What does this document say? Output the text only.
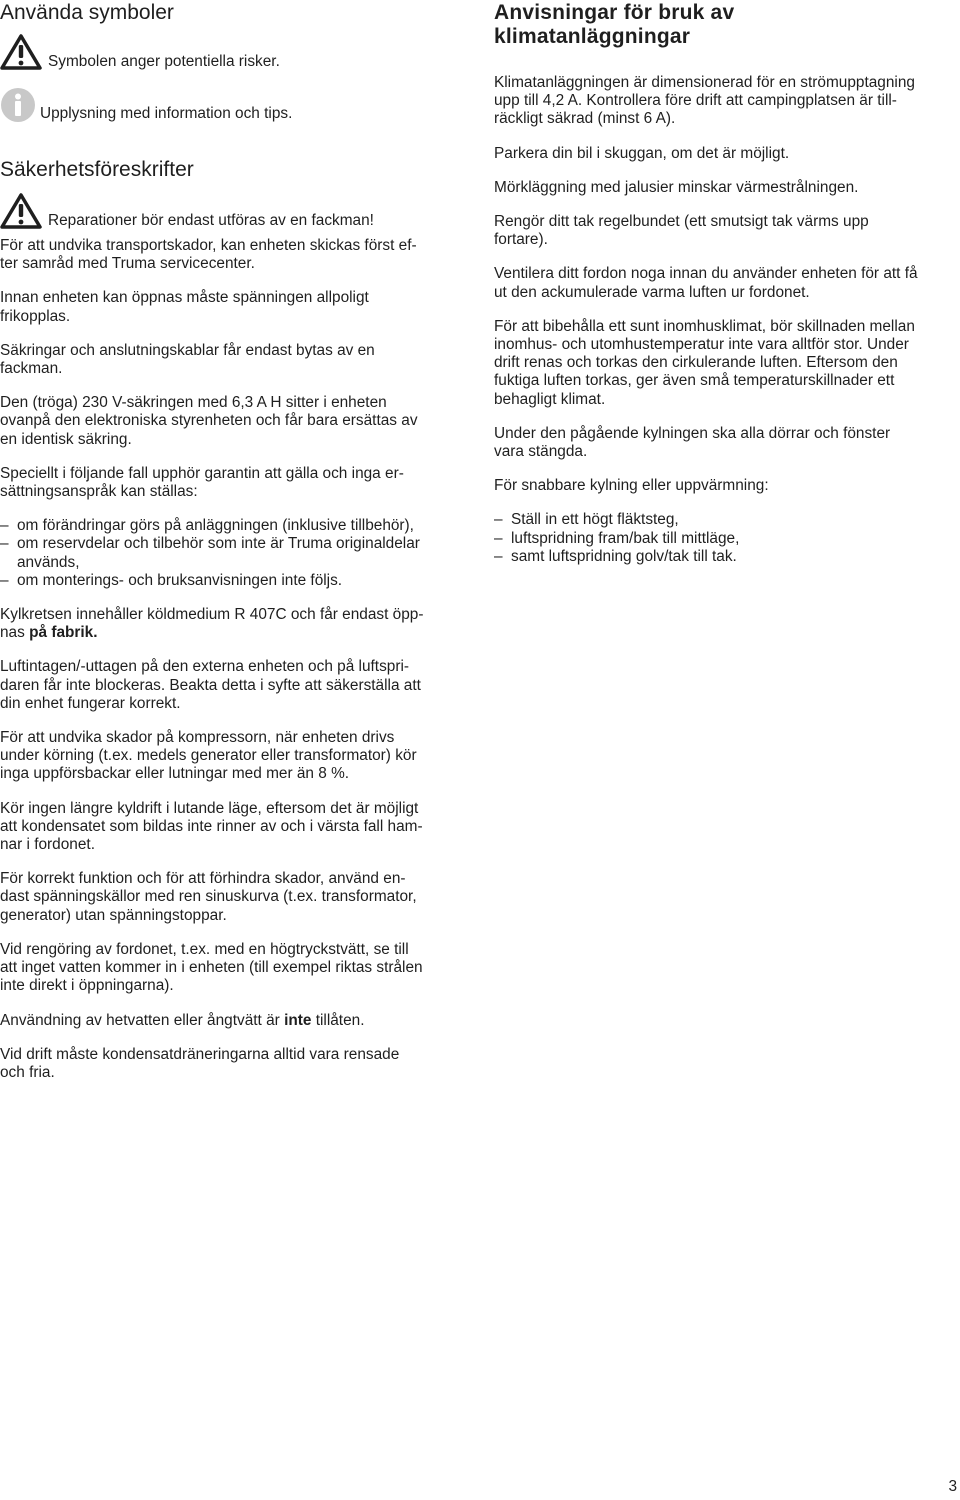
Använda symboler

Symbolen anger potentiella risker.

Upplysning med information och tips.

Säkerhetsföreskrifter

Reparationer bör endast utföras av en fackman!

För att undvika transportskador, kan enheten skickas först ef-
ter samråd med Truma servicecenter.

Innan enheten kan öppnas måste spänningen allpoligt
frikopplas.

Säkringar och anslutningskablar får endast bytas av en
fackman.

Den (tröga) 230 V-säkringen med 6,3 A H sitter i enheten
ovanpå den elektroniska styrenheten och får bara ersättas av
en identisk säkring.

Speciellt i följande fall upphör garantin att gälla och inga er-
sättningsanspråk kan ställas:

– om förändringar görs på anläggningen (inklusive tillbehör),
– om reservdelar och tilbehör som inte är Truma originaldelar
används,
– om monterings- och bruksanvisningen inte följs.

Kylkretsen innehåller köldmedium R 407C och får endast öpp-
nas på fabrik.

Luftintagen/-uttagen på den externa enheten och på luftspri-
daren får inte blockeras. Beakta detta i syfte att säkerställa att
din enhet fungerar korrekt.

För att undvika skador på kompressorn, när enheten drivs
under körning (t.ex. medels generator eller transformator) kör
inga uppförsbackar eller lutningar med mer än 8 %.

Kör ingen längre kyldrift i lutande läge, eftersom det är möjligt
att kondensatet som bildas inte rinner av och i värsta fall ham-
nar i fordonet.

För korrekt funktion och för att förhindra skador, använd en-
dast spänningskällor med ren sinuskurva (t.ex. transformator,
generator) utan spänningstoppar.

Vid rengöring av fordonet, t.ex. med en högtryckstvätt, se till
att inget vatten kommer in i enheten (till exempel riktas strålen
inte direkt i öppningarna).

Användning av hetvatten eller ångtvätt är inte tillåten.

Vid drift måste kondensatdräneringarna alltid vara rensade
och fria.

Anvisningar för bruk av
klimatanläggningar

Klimatanläggningen är dimensionerad för en strömupptagning
upp till 4,2 A. Kontrollera före drift att campingplatsen är till-
räckligt säkrad (minst 6 A).

Parkera din bil i skuggan, om det är möjligt.

Mörkläggning med jalusier minskar värmestrålningen.

Rengör ditt tak regelbundet (ett smutsigt tak värms upp
fortare).

Ventilera ditt fordon noga innan du använder enheten för att få
ut den ackumulerade varma luften ur fordonet.

För att bibehålla ett sunt inomhusklimat, bör skillnaden mellan
inomhus- och utomhustemperatur inte vara alltför stor. Under
drift renas och torkas den cirkulerande luften. Eftersom den
fuktiga luften torkas, ger även små temperaturskillnader ett
behagligt klimat.

Under den pågående kylningen ska alla dörrar och fönster
vara stängda.

För snabbare kylning eller uppvärmning:

– Ställ in ett högt fläktsteg,
– luftspridning fram/bak till mittläge,
– samt luftspridning golv/tak till tak.
3
